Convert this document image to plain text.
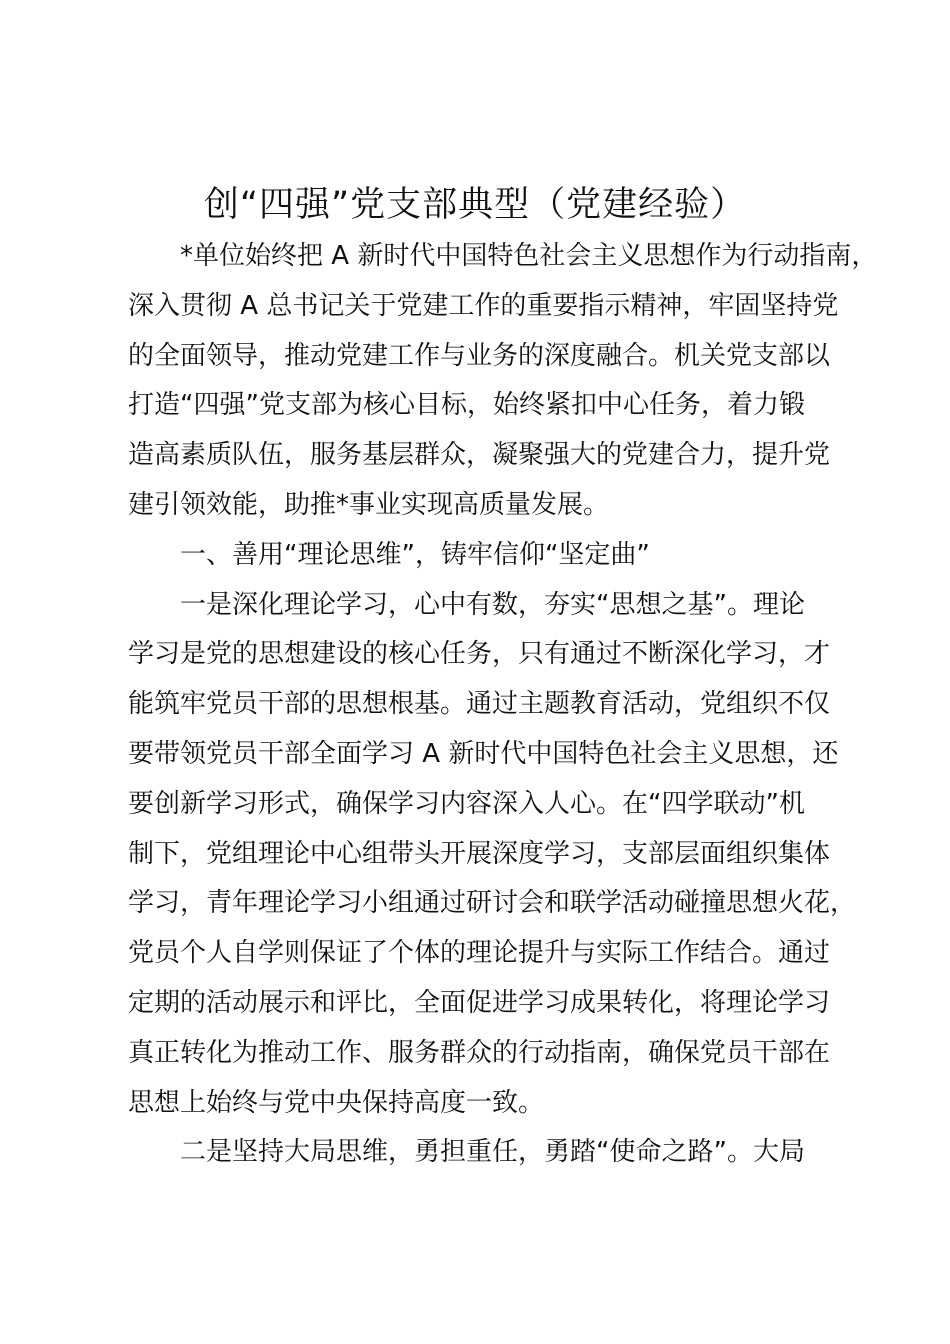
创“四强”党支部典型（党建经验）

*单位始终把 A 新时代中国特色社会主义思想作为行动指南，
深入贯彻 A 总书记关于党建工作的重要指示精神，牢固坚持党
的全面领导，推动党建工作与业务的深度融合。机关党支部以
打造“四强”党支部为核心目标，始终紧扣中心任务，着力锻
造高素质队伍，服务基层群众，凝聚强大的党建合力，提升党
建引领效能，助推*事业实现高质量发展。

一、善用“理论思维”，铸牢信仰“坚定曲”

一是深化理论学习，心中有数，夯实“思想之基”。理论
学习是党的思想建设的核心任务，只有通过不断深化学习，才
能筑牢党员干部的思想根基。通过主题教育活动，党组织不仅
要带领党员干部全面学习 A 新时代中国特色社会主义思想，还
要创新学习形式，确保学习内容深入人心。在“四学联动”机
制下，党组理论中心组带头开展深度学习，支部层面组织集体
学习，青年理论学习小组通过研讨会和联学活动碰撞思想火花，
党员个人自学则保证了个体的理论提升与实际工作结合。通过
定期的活动展示和评比，全面促进学习成果转化，将理论学习
真正转化为推动工作、服务群众的行动指南，确保党员干部在
思想上始终与党中央保持高度一致。

二是坚持大局思维，勇担重任，勇踏“使命之路”。大局
